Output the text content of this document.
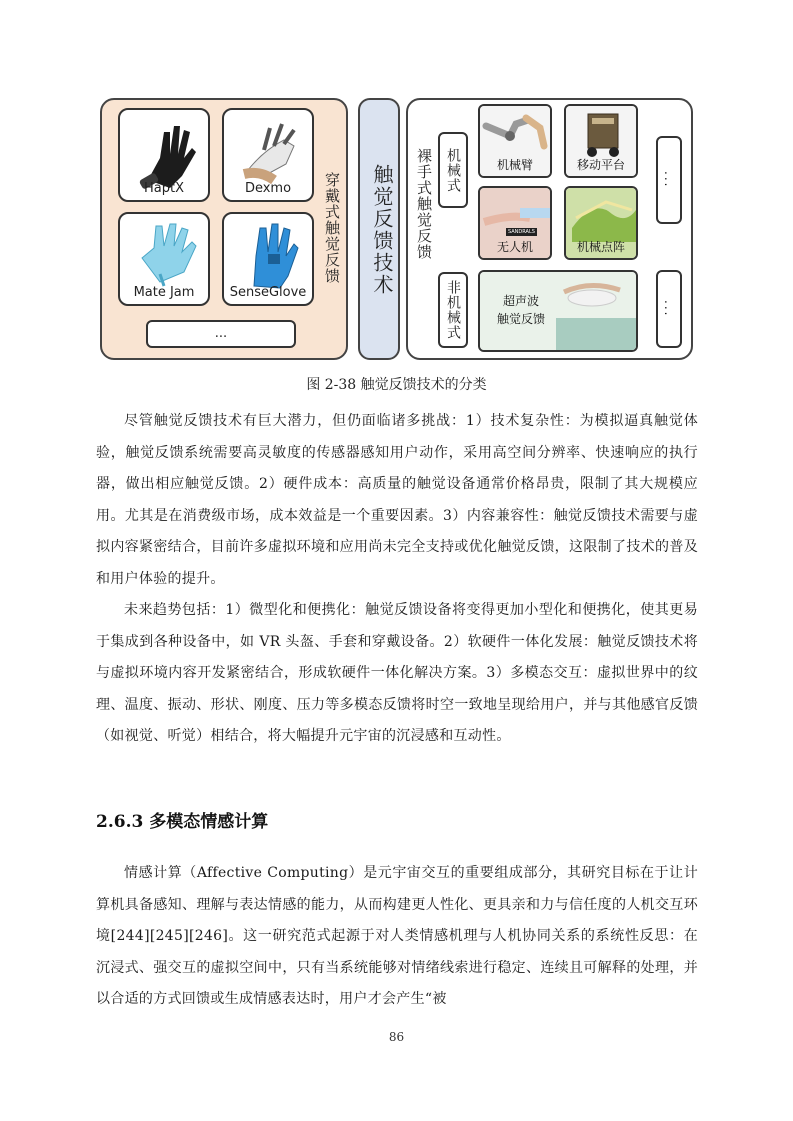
HaptX	Dexmo
Mate Jam	SenseGlove
...
穿戴式触觉反馈 触觉反馈技术 裸手式触觉反馈 机械式
非机械式
机械臂	移动平台
SANDRALS
无人机	机械点阵
超声波
触觉反馈
...
...
图 2-38 触觉反馈技术的分类
尽管触觉反馈技术有巨大潜力，但仍面临诸多挑战：1）技术复杂性：为模拟逼真触觉体验，触觉反馈系统需要高灵敏度的传感器感知用户动作，采用高空间分辨率、快速响应的执行器，做出相应触觉反馈。2）硬件成本：高质量的触觉设备通常价格昂贵，限制了其大规模应用。尤其是在消费级市场，成本效益是一个重要因素。3）内容兼容性：触觉反馈技术需要与虚拟内容紧密结合，目前许多虚拟环境和应用尚未完全支持或优化触觉反馈，这限制了技术的普及和用户体验的提升。
未来趋势包括：1）微型化和便携化：触觉反馈设备将变得更加小型化和便携化，使其更易于集成到各种设备中，如 VR 头盔、手套和穿戴设备。2）软硬件一体化发展：触觉反馈技术将与虚拟环境内容开发紧密结合，形成软硬件一体化解决方案。3）多模态交互：虚拟世界中的纹理、温度、振动、形状、刚度、压力等多模态反馈将时空一致地呈现给用户，并与其他感官反馈（如视觉、听觉）相结合，将大幅提升元宇宙的沉浸感和互动性。
2.6.3 多模态情感计算
情感计算（Affective Computing）是元宇宙交互的重要组成部分，其研究目标在于让计算机具备感知、理解与表达情感的能力，从而构建更人性化、更具亲和力与信任度的人机交互环境[244][245][246]。这一研究范式起源于对人类情感机理与人机协同关系的系统性反思：在沉浸式、强交互的虚拟空间中，只有当系统能够对情绪线索进行稳定、连续且可解释的处理，并以合适的方式回馈或生成情感表达时，用户才会产生“被
86
